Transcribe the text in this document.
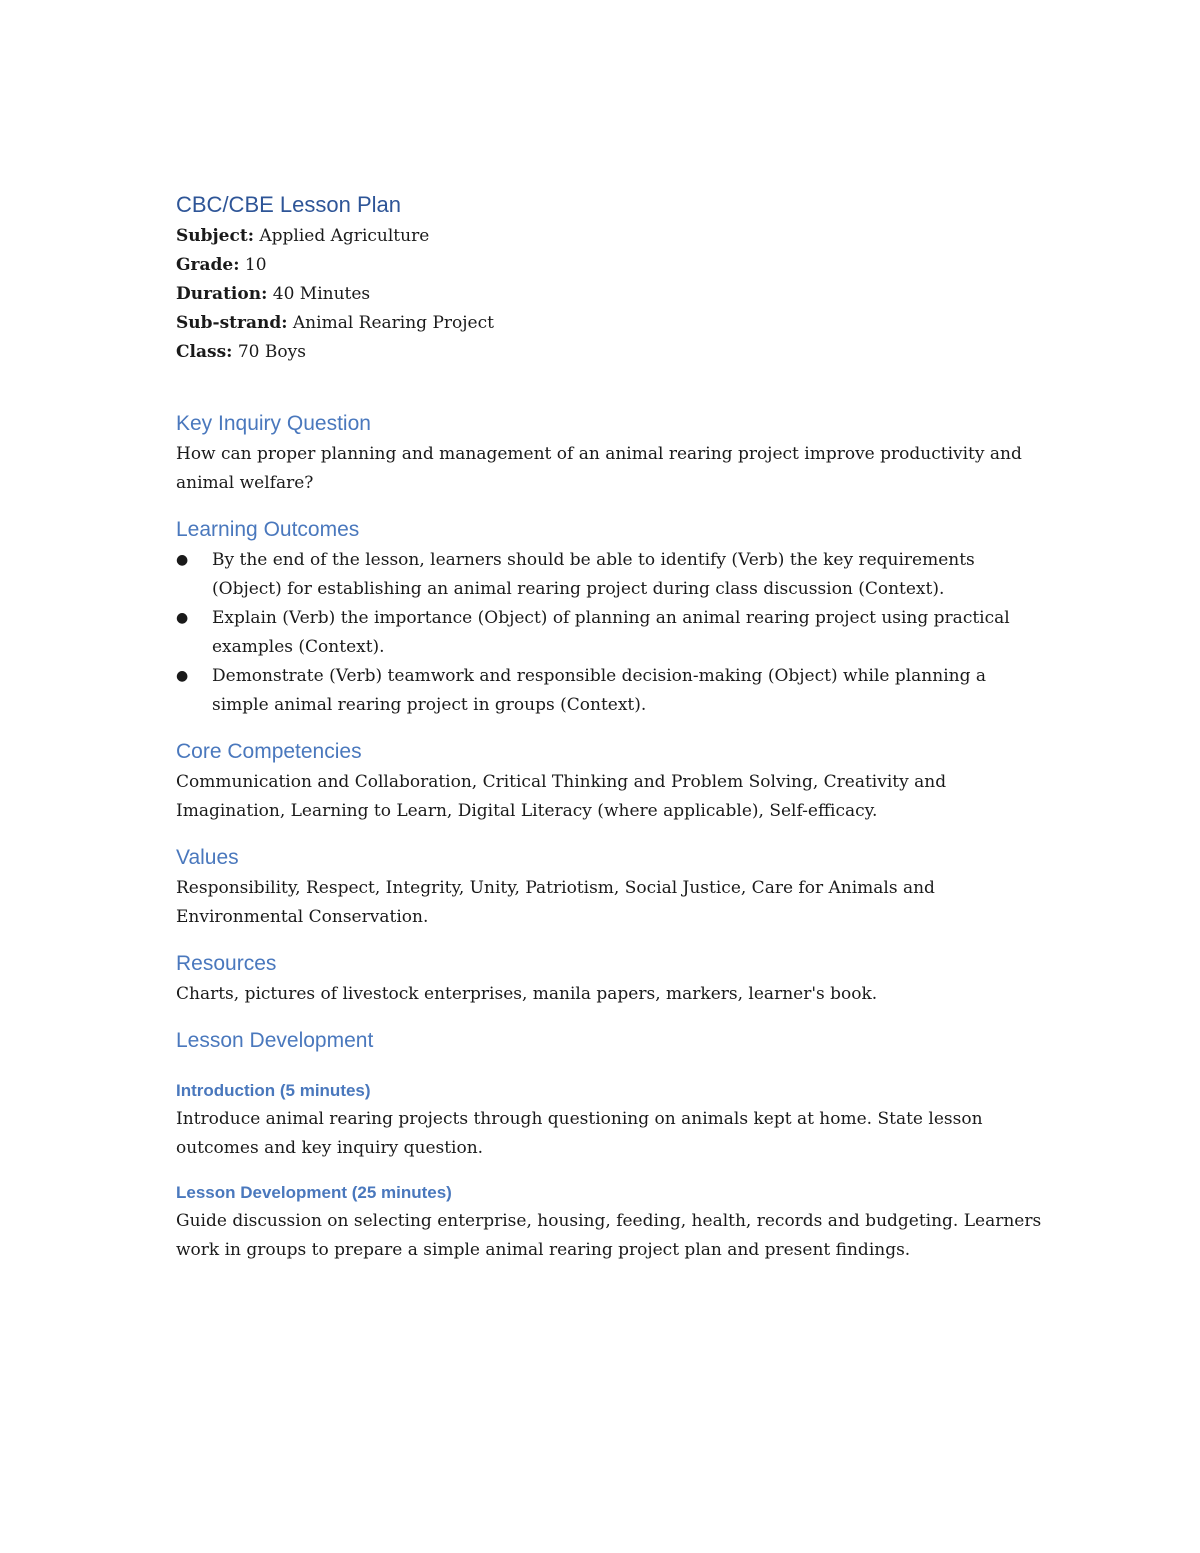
CBC/CBE Lesson Plan

Subject: Applied Agriculture

Grade: 10

Duration: 40 Minutes

Sub-strand: Animal Rearing Project

Class: 70 Boys

Key Inquiry Question

How can proper planning and management of an animal rearing project improve productivity and animal welfare?

Learning Outcomes
● By the end of the lesson, learners should be able to identify (Verb) the key requirements (Object) for establishing an animal rearing project during class discussion (Context).
● Explain (Verb) the importance (Object) of planning an animal rearing project using practical examples (Context).
● Demonstrate (Verb) teamwork and responsible decision-making (Object) while planning a simple animal rearing project in groups (Context).
Core Competencies

Communication and Collaboration, Critical Thinking and Problem Solving, Creativity and Imagination, Learning to Learn, Digital Literacy (where applicable), Self-efficacy.

Values

Responsibility, Respect, Integrity, Unity, Patriotism, Social Justice, Care for Animals and Environmental Conservation.

Resources

Charts, pictures of livestock enterprises, manila papers, markers, learner's book.

Lesson Development
Introduction (5 minutes)

Introduce animal rearing projects through questioning on animals kept at home. State lesson outcomes and key inquiry question.

Lesson Development (25 minutes)

Guide discussion on selecting enterprise, housing, feeding, health, records and budgeting. Learners work in groups to prepare a simple animal rearing project plan and present findings.
